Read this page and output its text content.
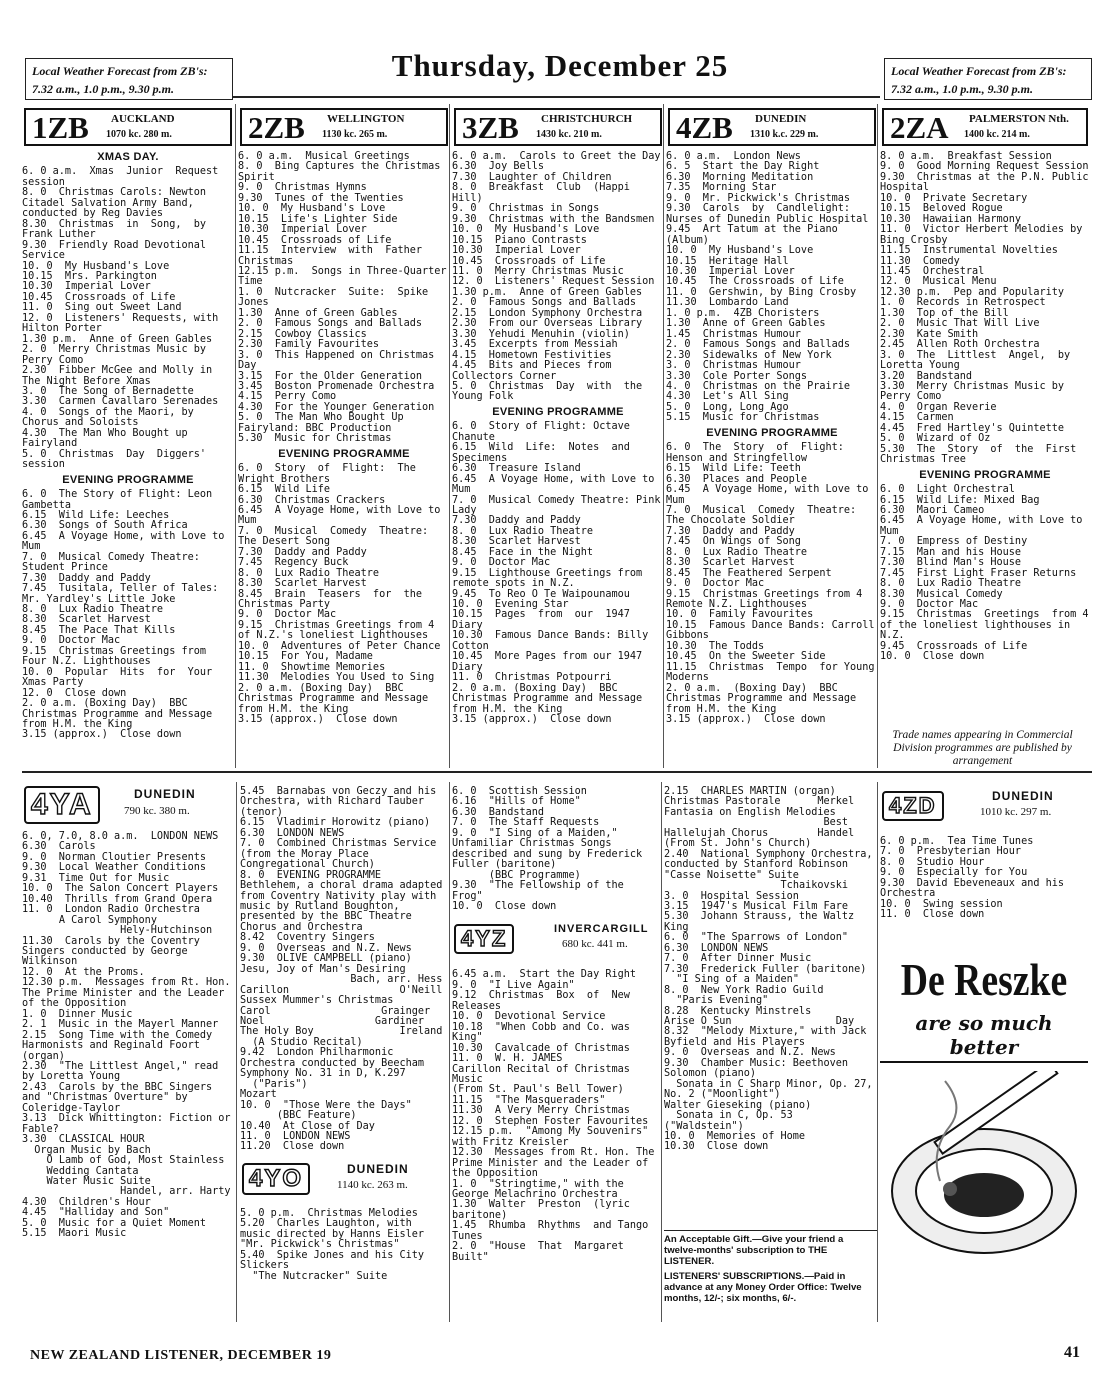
Local Weather Forecast from ZB's:
7.32 a.m., 1.0 p.m., 9.30 p.m.
Local Weather Forecast from ZB's:
7.32 a.m., 1.0 p.m., 9.30 p.m.
Thursday, December 25
1ZB AUCKLAND
1070 kc. 280 m.
XMAS DAY.
6. 0 a.m.  Xmas  Junior  Request session
8. 0  Christmas Carols: Newton Citadel Salvation Army Band, conducted by Reg Davies
8.30  Christmas  in  Song,  by Frank Luther
9.30  Friendly Road Devotional Service
10. 0  My Husband's Love
10.15  Mrs. Parkington
10.30  Imperial Lover
10.45  Crossroads of Life
11. 0  Sing out Sweet Land
12. 0  Listeners' Requests, with Hilton Porter
1.30 p.m.  Anne of Green Gables
2. 0  Merry Christmas Music by Perry Como
2.30  Fibber McGee and Molly in The Night Before Xmas
3. 0  The Song of Bernadette
3.30  Carmen Cavallaro Serenades
4. 0  Songs of the Maori, by Chorus and Soloists
4.30  The Man Who Bought up Fairyland
5. 0  Christmas  Day  Diggers' session
EVENING PROGRAMME
6. 0  The Story of Flight: Leon Gambetta
6.15  Wild Life: Leeches
6.30  Songs of South Africa
6.45  A Voyage Home, with Love to Mum
7. 0  Musical Comedy Theatre: Student Prince
7.30  Daddy and Paddy
7.45  Tusitala, Teller of Tales: Mr. Yardley's Little Joke
8. 0  Lux Radio Theatre
8.30  Scarlet Harvest
8.45  The Pace That Kills
9. 0  Doctor Mac
9.15  Christmas Greetings from Four N.Z. Lighthouses
10. 0  Popular  Hits  for  Your Xmas Party
12. 0  Close down
2. 0 a.m. (Boxing Day)  BBC Christmas Programme and Message from H.M. the King
3.15 (approx.)  Close down
2ZB WELLINGTON
1130 kc. 265 m.
6. 0 a.m.  Musical Greetings
8. 0  Bing Captures the Christmas Spirit
9. 0  Christmas Hymns
9.30  Tunes of the Twenties
10. 0  My Husband's Love
10.15  Life's Lighter Side
10.30  Imperial Lover
10.45  Crossroads of Life
11.15  Interview  with  Father Christmas
12.15 p.m.  Songs in Three-Quarter Time
1. 0  Nutcracker  Suite:  Spike Jones
1.30  Anne of Green Gables
2. 0  Famous Songs and Ballads
2.15  Cowboy Classics
2.30  Family Favourites
3. 0  This Happened on Christmas Day
3.15  For the Older Generation
3.45  Boston Promenade Orchestra
4.15  Perry Como
4.30  For the Younger Generation
5. 0  The Man Who Bought Up Fairyland: BBC Production
5.30  Music for Christmas
EVENING PROGRAMME
6. 0  Story  of  Flight:  The Wright Brothers
6.15  Wild Life
6.30  Christmas Crackers
6.45  A Voyage Home, with Love to Mum
7. 0  Musical  Comedy  Theatre: The Desert Song
7.30  Daddy and Paddy
7.45  Regency Buck
8. 0  Lux Radio Theatre
8.30  Scarlet Harvest
8.45  Brain  Teasers  for  the Christmas Party
9. 0  Doctor Mac
9.15  Christmas Greetings from 4 of N.Z.'s loneliest Lighthouses
10. 0  Adventures of Peter Chance
10.15  For You, Madame
11. 0  Showtime Memories
11.30  Melodies You Used to Sing
2. 0 a.m. (Boxing Day)  BBC Christmas Programme and Message from H.M. the King
3.15 (approx.)  Close down
3ZB CHRISTCHURCH
1430 kc. 210 m.
6. 0 a.m.  Carols to Greet the Day
6.30  Joy Bells
7.30  Laughter of Children
8. 0  Breakfast  Club  (Happi Hill)
9. 0  Christmas in Songs
9.30  Christmas with the Bandsmen
10. 0  My Husband's Love
10.15  Piano Contrasts
10.30  Imperial Lover
10.45  Crossroads of Life
11. 0  Merry Christmas Music
12. 0  Listeners' Request Session
1.30 p.m.  Anne of Green Gables
2. 0  Famous Songs and Ballads
2.15  London Symphony Orchestra
2.30  From our Overseas Library
3.30  Yehudi Menuhin (violin)
3.45  Excerpts from Messiah
4.15  Hometown Festivities
4.45  Bits and Pieces from Collectors Corner
5. 0  Christmas  Day  with  the Young Folk
EVENING PROGRAMME
6. 0  Story of Flight: Octave Chanute
6.15  Wild  Life:  Notes  and Specimens
6.30  Treasure Island
6.45  A Voyage Home, with Love to Mum
7. 0  Musical Comedy Theatre: Pink Lady
7.30  Daddy and Paddy
8. 0  Lux Radio Theatre
8.30  Scarlet Harvest
8.45  Face in the Night
9. 0  Doctor Mac
9.15  Lighthouse Greetings from remote spots in N.Z.
9.45  To Reo O Te Waipounamou
10. 0  Evening Star
10.15  Pages  from  our  1947 Diary
10.30  Famous Dance Bands: Billy Cotton
10.45  More Pages from our 1947 Diary
11. 0  Christmas Potpourri
2. 0 a.m. (Boxing Day)  BBC Christmas Programme and Message from H.M. the King
3.15 (approx.)  Close down
4ZB DUNEDIN
1310 k.c. 229 m.
6. 0 a.m.  London News
6. 5  Start the Day Right
6.30  Morning Meditation
7.35  Morning Star
9. 0  Mr. Pickwick's Christmas
9.30  Carols  by  Candlelight: Nurses of Dunedin Public Hospital
9.45  Art Tatum at the Piano (Album)
10. 0  My Husband's Love
10.15  Heritage Hall
10.30  Imperial Lover
10.45  The Crossroads of Life
11. 0  Gershwin, by Bing Crosby
11.30  Lombardo Land
1. 0 p.m.  4ZB Choristers
1.30  Anne of Green Gables
1.45  Christmas Humour
2. 0  Famous Songs and Ballads
2.30  Sidewalks of New York
3. 0  Christmas Humour
3.30  Cole Porter Songs
4. 0  Christmas on the Prairie
4.30  Let's All Sing
5. 0  Long, Long Ago
5.15  Music for Christmas
EVENING PROGRAMME
6. 0  The  Story  of  Flight: Henson and Stringfellow
6.15  Wild Life: Teeth
6.30  Places and People
6.45  A Voyage Home, with Love to Mum
7. 0  Musical  Comedy  Theatre: The Chocolate Soldier
7.30  Daddy and Paddy
7.45  On Wings of Song
8. 0  Lux Radio Theatre
8.30  Scarlet Harvest
8.45  The Feathered Serpent
9. 0  Doctor Mac
9.15  Christmas Greetings from 4 Remote N.Z. Lighthouses
10. 0  Family Favourites
10.15  Famous Dance Bands: Carroll Gibbons
10.30  The Todds
10.45  On the Sweeter Side
11.15  Christmas  Tempo  for Young Moderns
2. 0 a.m.  (Boxing Day)  BBC Christmas Programme and Message from H.M. the King
3.15 (approx.)  Close down
2ZA PALMERSTON Nth.
1400 kc. 214 m.
8. 0 a.m.  Breakfast Session
9. 0  Good Morning Request Session
9.30  Christmas at the P.N. Public Hospital
10. 0  Private Secretary
10.15  Beloved Rogue
10.30  Hawaiian Harmony
11. 0  Victor Herbert Melodies by Bing Crosby
11.15  Instrumental Novelties
11.30  Comedy
11.45  Orchestral
12. 0  Musical Menu
12.30 p.m.  Pep and Popularity
1. 0  Records in Retrospect
1.30  Top of the Bill
2. 0  Music That Will Live
2.30  Kate Smith
2.45  Allen Roth Orchestra
3. 0  The  Littlest  Angel,  by Loretta Young
3.20  Bandstand
3.30  Merry Christmas Music by Perry Como
4. 0  Organ Reverie
4.15  Carmen
4.45  Fred Hartley's Quintette
5. 0  Wizard of Oz
5.30  The  Story  of  the  First Christmas Tree
EVENING PROGRAMME
6. 0  Light Orchestral
6.15  Wild Life: Mixed Bag
6.30  Maori Cameo
6.45  A Voyage Home, with Love to Mum
7. 0  Empress of Destiny
7.15  Man and his House
7.30  Blind Man's House
7.45  First Light Fraser Returns
8. 0  Lux Radio Theatre
8.30  Musical Comedy
9. 0  Doctor Mac
9.15  Christmas  Greetings  from 4 of the loneliest lighthouses in N.Z.
9.45  Crossroads of Life
10. 0  Close down
Trade names appearing in Commercial Division programmes are published by arrangement
4YA	DUNEDIN
790 kc. 380 m.
6. 0, 7.0, 8.0 a.m.  LONDON NEWS
6.30  Carols
9. 0  Norman Cloutier Presents
9.30  Local Weather Conditions
9.31  Time Out for Music
10. 0  The Salon Concert Players
10.40  Thrills from Grand Opera
11. 0  London Radio Orchestra
A Carol Symphony
Hely-Hutchinson
11.30  Carols by the Coventry Singers conducted by George Wilkinson
12. 0  At the Proms.
12.30 p.m.  Messages from Rt. Hon. The Prime Minister and the Leader of the Opposition
1. 0  Dinner Music
2. 1  Music in the Mayerl Manner
2.15  Song Time with the Comedy Harmonists and Reginald Foort (organ)
2.30  "The Littlest Angel," read by Loretta Young
2.43  Carols by the BBC Singers and "Christmas Overture" by Coleridge-Taylor
3.13  Dick Whittington: Fiction or Fable?
3.30  CLASSICAL HOUR
Organ Music by Bach
O Lamb of God, Most Stainless
Wedding Cantata
Water Music Suite
Handel, arr. Harty
4.30  Children's Hour
4.45  "Halliday and Son"
5. 0  Music for a Quiet Moment
5.15  Maori Music
5.45  Barnabas von Geczy and his Orchestra, with Richard Tauber (tenor)
6.15  Vladimir Horowitz (piano)
6.30  LONDON NEWS
7. 0  Combined Christmas Service (from the Moray Place Congregational Church)
8. 0  EVENING PROGRAMME
Bethlehem, a choral drama adapted from Coventry Nativity play with music by Rutland Boughton, presented by the BBC Theatre Chorus and Orchestra
8.42  Coventry Singers
9. 0  Overseas and N.Z. News
9.30  OLIVE CAMPBELL (piano)
Jesu, Joy of Man's Desiring
Bach, arr. Hess
Carillon                  O'Neill
Sussex Mummer's Christmas
Carol                  Grainger
Noel                  Gardiner
The Holy Boy              Ireland
(A Studio Recital)
9.42  London Philharmonic Orchestra conducted by Beecham
Symphony No. 31 in D, K.297
("Paris")                 Mozart
10. 0  "Those Were the Days"
(BBC Feature)
10.40  At Close of Day
11. 0  LONDON NEWS
11.20  Close down
4YO	DUNEDIN
1140 kc. 263 m.
5. 0 p.m.  Christmas Melodies
5.20  Charles Laughton, with music directed by Hanns Eisler "Mr. Pickwick's Christmas"
5.40  Spike Jones and his City Slickers
"The Nutcracker" Suite
6. 0  Scottish Session
6.16  "Hills of Home"
6.30  Bandstand
7. 0  The Staff Requests
9. 0  "I Sing of a Maiden," Unfamiliar Christmas Songs described and sung by Frederick Fuller (baritone)
(BBC Programme)
9.30  "The Fellowship of the Frog"
10. 0  Close down
4YZ	INVERCARGILL
680 kc. 441 m.
6.45 a.m.  Start the Day Right
9. 0  "I Live Again"
9.12  Christmas  Box  of  New Releases
10. 0  Devotional Service
10.18  "When Cobb and Co. was King"
10.30  Cavalcade of Christmas
11. 0  W. H. JAMES
Carillon Recital of Christmas Music
(From St. Paul's Bell Tower)
11.15  "The Masqueraders"
11.30  A Very Merry Christmas
12. 0  Stephen Foster Favourites
12.15 p.m.  "Among My Souvenirs" with Fritz Kreisler
12.30  Messages from Rt. Hon. The Prime Minister and the Leader of the Opposition
1. 0  "Stringtime," with the George Melachrino Orchestra
1.30  Walter  Preston  (lyric baritone)
1.45  Rhumba  Rhythms  and Tango Tunes
2. 0  "House  That  Margaret Built"
2.15  CHARLES MARTIN (organ)
Christmas Pastorale      Merkel
Fantasia on English Melodies
Best
Hallelujah Chorus        Handel
(From St. John's Church)
2.40  National Symphony Orchestra, conducted by Stanford Robinson
"Casse Noisette" Suite
Tchaikovski
3. 0  Hospital Session
3.15  1947's Musical Film Fare
5.30  Johann Strauss, the Waltz King
6. 0  "The Sparrows of London"
6.30  LONDON NEWS
7. 0  After Dinner Music
7.30  Frederick Fuller (baritone)
"I Sing of a Maiden"
8. 0  New York Radio Guild
"Paris Evening"
8.28  Kentucky Minstrels
Arise O Sun                 Day
8.32  "Melody Mixture," with Jack Byfield and His Players
9. 0  Overseas and N.Z. News
9.30  Chamber Music: Beethoven
Solomon (piano)
Sonata in C Sharp Minor, Op. 27, No. 2 ("Moonlight")
Walter Gieseking (piano)
Sonata in C, Op. 53 ("Waldstein")
10. 0  Memories of Home
10.30  Close down
4ZD	DUNEDIN
1010 kc. 297 m.
6. 0 p.m.  Tea Time Tunes
7. 0  Presbyterian Hour
8. 0  Studio Hour
9. 0  Especially for You
9.30  David Ebeveneaux and his Orchestra
10. 0  Swing session
11. 0  Close down
De Reszke
are so much better
An Acceptable Gift.—Give your friend a twelve-months' subscription to THE LISTENER.
LISTENERS' SUBSCRIPTIONS.—Paid in advance at any Money Order Office: Twelve months, 12/-; six months, 6/-.
NEW ZEALAND LISTENER, DECEMBER 19	41
